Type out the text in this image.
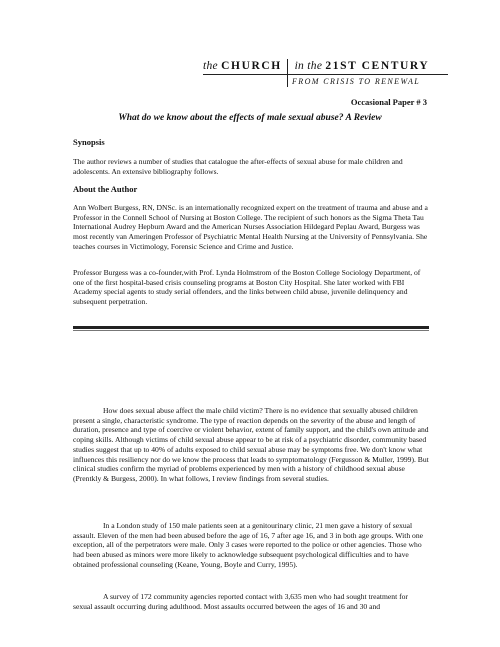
the CHURCH in the 21ST CENTURY
FROM CRISIS TO RENEWAL
Occasional Paper # 3
What do we know about the effects of male sexual abuse? A Review
Synopsis

The author reviews a number of studies that catalogue the after-effects of sexual abuse for male children and adolescents. An extensive bibliography follows.

About the Author

Ann Wolbert Burgess, RN, DNSc. is an internationally recognized expert on the treatment of trauma and abuse and a Professor in the Connell School of Nursing at Boston College. The recipient of such honors as the Sigma Theta Tau International Audrey Hepburn Award and the American Nurses Association Hildegard Peplau Award, Burgess was most recently van Ameringen Professor of Psychiatric Mental Health Nursing at the University of Pennsylvania. She teaches courses in Victimology, Forensic Science and Crime and Justice.

Professor Burgess was a co-founder,with Prof. Lynda Holmstrom of the Boston College Sociology Department, of one of the first hospital-based crisis counseling programs at Boston City Hospital. She later worked with FBI Academy special agents to study serial offenders, and the links between child abuse, juvenile delinquency and subsequent perpetration.

How does sexual abuse affect the male child victim? There is no evidence that sexually abused children present a single, characteristic syndrome. The type of reaction depends on the severity of the abuse and length of duration, presence and type of coercive or violent behavior, extent of family support, and the child's own attitude and coping skills. Although victims of child sexual abuse appear to be at risk of a psychiatric disorder, community based studies suggest that up to 40% of adults exposed to child sexual abuse may be symptoms free. We don't know what influences this resiliency nor do we know the process that leads to symptomatology (Fergusson & Muller, 1999). But clinical studies confirm the myriad of problems experienced by men with a history of childhood sexual abuse (Prentkly & Burgess, 2000). In what follows, I review findings from several studies.

In a London study of 150 male patients seen at a genitourinary clinic, 21 men gave a history of sexual assault. Eleven of the men had been abused before the age of 16, 7 after age 16, and 3 in both age groups. With one exception, all of the perpetrators were male. Only 3 cases were reported to the police or other agencies. Those who had been abused as minors were more likely to acknowledge subsequent psychological difficulties and to have obtained professional counseling (Keane, Young, Boyle and Curry, 1995).

A survey of 172 community agencies reported contact with 3,635 men who had sought treatment for sexual assault occurring during adulthood. Most assaults occurred between the ages of 16 and 30 and
